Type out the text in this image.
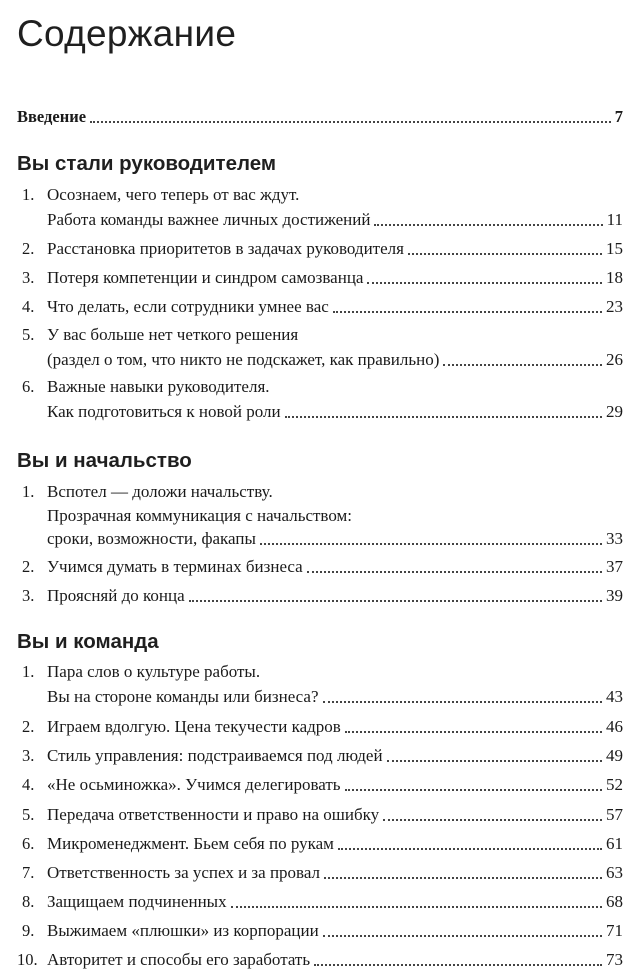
Содержание
Введение	7
Вы стали руководителем
1. Осознаем, чего теперь от вас ждут.
Работа команды важнее личных достижений	11
2. Расстановка приоритетов в задачах руководителя	15
3. Потеря компетенции и синдром самозванца	18
4. Что делать, если сотрудники умнее вас	23
5. У вас больше нет четкого решения
(раздел о том, что никто не подскажет, как правильно)	26
6. Важные навыки руководителя.
Как подготовиться к новой роли	29
Вы и начальство
1. Вспотел — доложи начальству.
Прозрачная коммуникация с начальством:
сроки, возможности, факапы	33
2. Учимся думать в терминах бизнеса	37
3. Проясняй до конца	39
Вы и команда
1. Пара слов о культуре работы.
Вы на стороне команды или бизнеса?	43
2. Играем вдолгую. Цена текучести кадров	46
3. Стиль управления: подстраиваемся под людей	49
4. «Не осьминожка». Учимся делегировать	52
5. Передача ответственности и право на ошибку	57
6. Микроменеджмент. Бьем себя по рукам	61
7. Ответственность за успех и за провал	63
8. Защищаем подчиненных	68
9. Выжимаем «плюшки» из корпорации	71
10. Авторитет и способы его заработать	73
